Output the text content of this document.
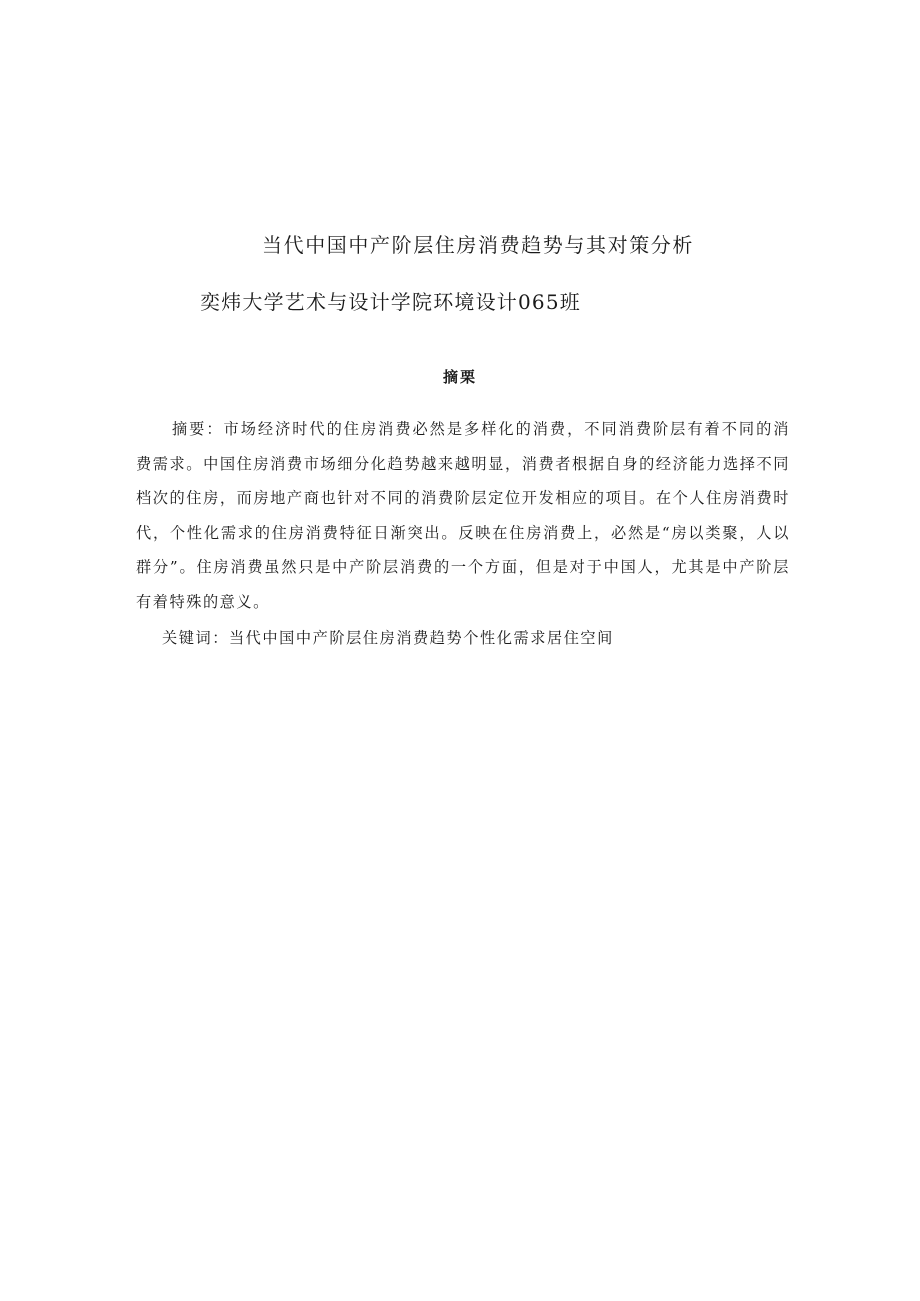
当代中国中产阶层住房消费趋势与其对策分析

奕炜大学艺术与设计学院环境设计065班

摘栗

摘要：市场经济时代的住房消费必然是多样化的消费，不同消费阶层有着不同的消费需求。中国住房消费市场细分化趋势越来越明显，消费者根据自身的经济能力选择不同档次的住房，而房地产商也针对不同的消费阶层定位开发相应的项目。在个人住房消费时代，个性化需求的住房消费特征日渐突出。反映在住房消费上，必然是“房以类聚，人以群分”。住房消费虽然只是中产阶层消费的一个方面，但是对于中国人，尤其是中产阶层有着特殊的意义。

关键词：当代中国中产阶层住房消费趋势个性化需求居住空间
